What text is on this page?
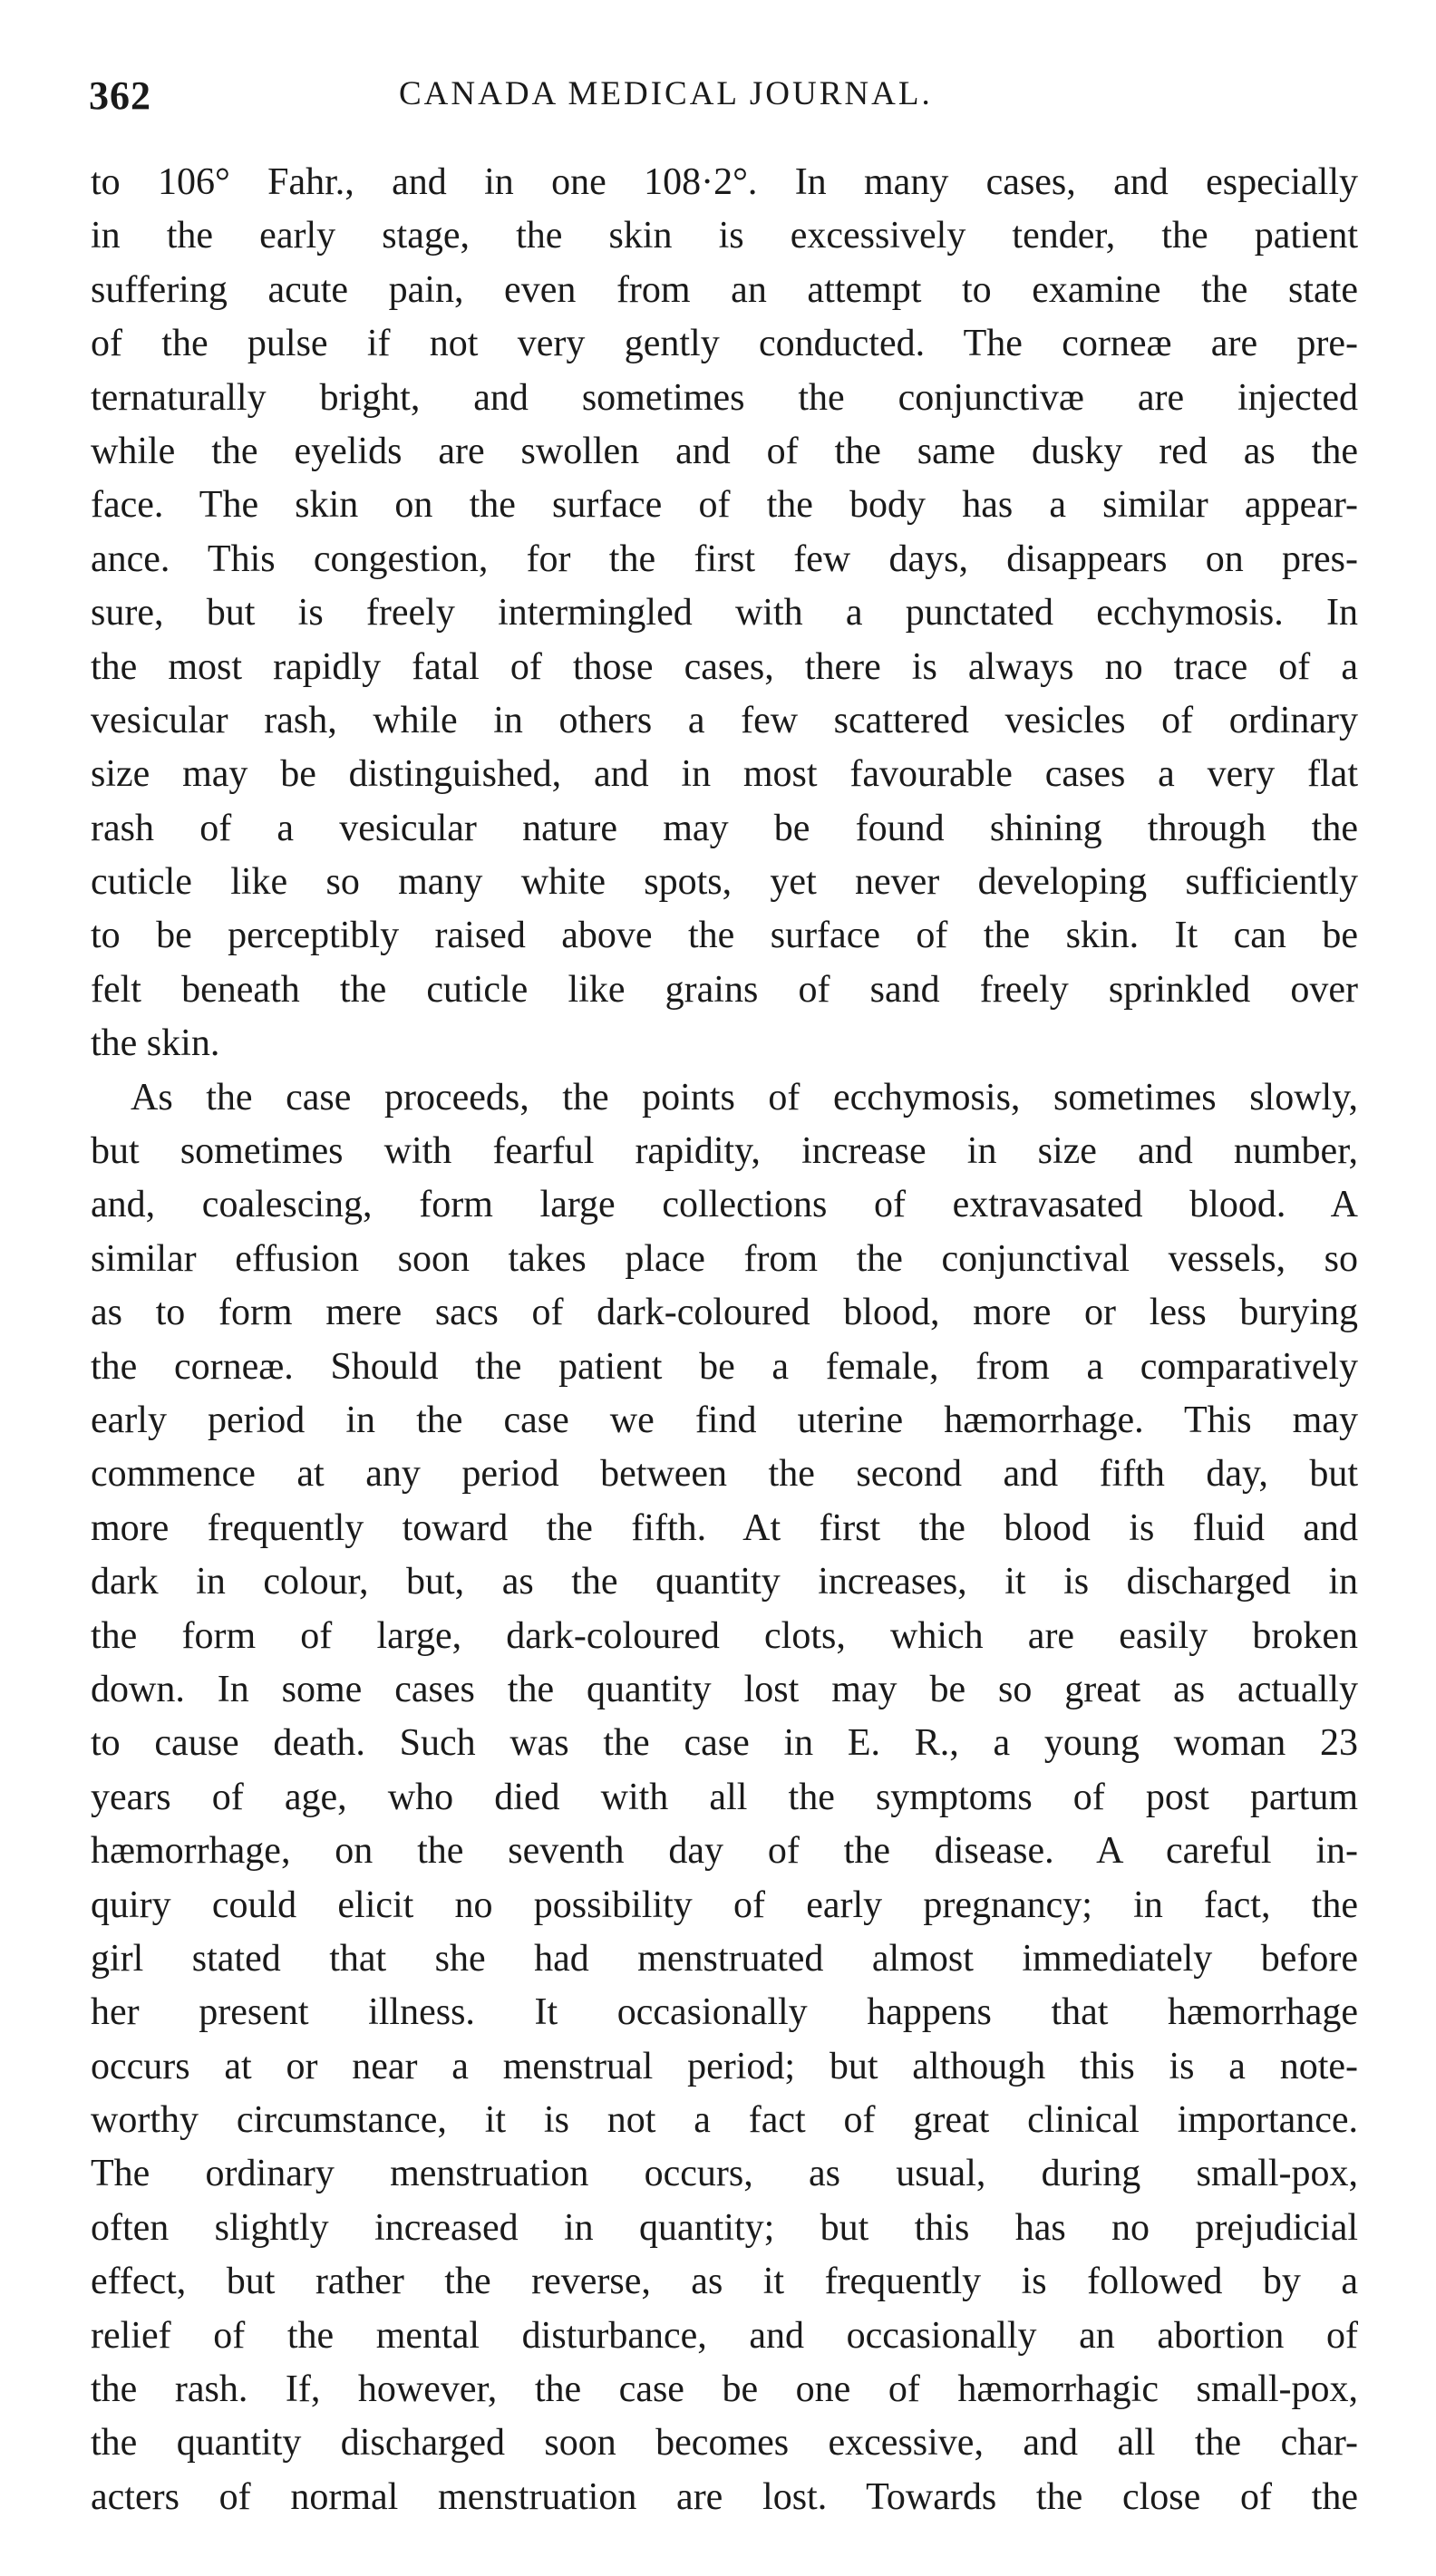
362	CANADA MEDICAL JOURNAL.
to 106° Fahr., and in one 108·2°. In many cases, and especially
in the early stage, the skin is excessively tender, the patient
suffering acute pain, even from an attempt to examine the state
of the pulse if not very gently conducted. The corneæ are pre-
ternaturally bright, and sometimes the conjunctivæ are injected
while the eyelids are swollen and of the same dusky red as the
face. The skin on the surface of the body has a similar appear-
ance. This congestion, for the first few days, disappears on pres-
sure, but is freely intermingled with a punctated ecchymosis. In
the most rapidly fatal of those cases, there is always no trace of a
vesicular rash, while in others a few scattered vesicles of ordinary
size may be distinguished, and in most favourable cases a very flat
rash of a vesicular nature may be found shining through the
cuticle like so many white spots, yet never developing sufficiently
to be perceptibly raised above the surface of the skin. It can be
felt beneath the cuticle like grains of sand freely sprinkled over
the skin.
As the case proceeds, the points of ecchymosis, sometimes slowly,
but sometimes with fearful rapidity, increase in size and number,
and, coalescing, form large collections of extravasated blood. A
similar effusion soon takes place from the conjunctival vessels, so
as to form mere sacs of dark-coloured blood, more or less burying
the corneæ. Should the patient be a female, from a comparatively
early period in the case we find uterine hæmorrhage. This may
commence at any period between the second and fifth day, but
more frequently toward the fifth. At first the blood is fluid and
dark in colour, but, as the quantity increases, it is discharged in
the form of large, dark-coloured clots, which are easily broken
down. In some cases the quantity lost may be so great as actually
to cause death. Such was the case in E. R., a young woman 23
years of age, who died with all the symptoms of post partum
hæmorrhage, on the seventh day of the disease. A careful in-
quiry could elicit no possibility of early pregnancy; in fact, the
girl stated that she had menstruated almost immediately before
her present illness. It occasionally happens that hæmorrhage
occurs at or near a menstrual period; but although this is a note-
worthy circumstance, it is not a fact of great clinical importance.
The ordinary menstruation occurs, as usual, during small-pox,
often slightly increased in quantity; but this has no prejudicial
effect, but rather the reverse, as it frequently is followed by a
relief of the mental disturbance, and occasionally an abortion of
the rash. If, however, the case be one of hæmorrhagic small-pox,
the quantity discharged soon becomes excessive, and all the char-
acters of normal menstruation are lost. Towards the close of the
